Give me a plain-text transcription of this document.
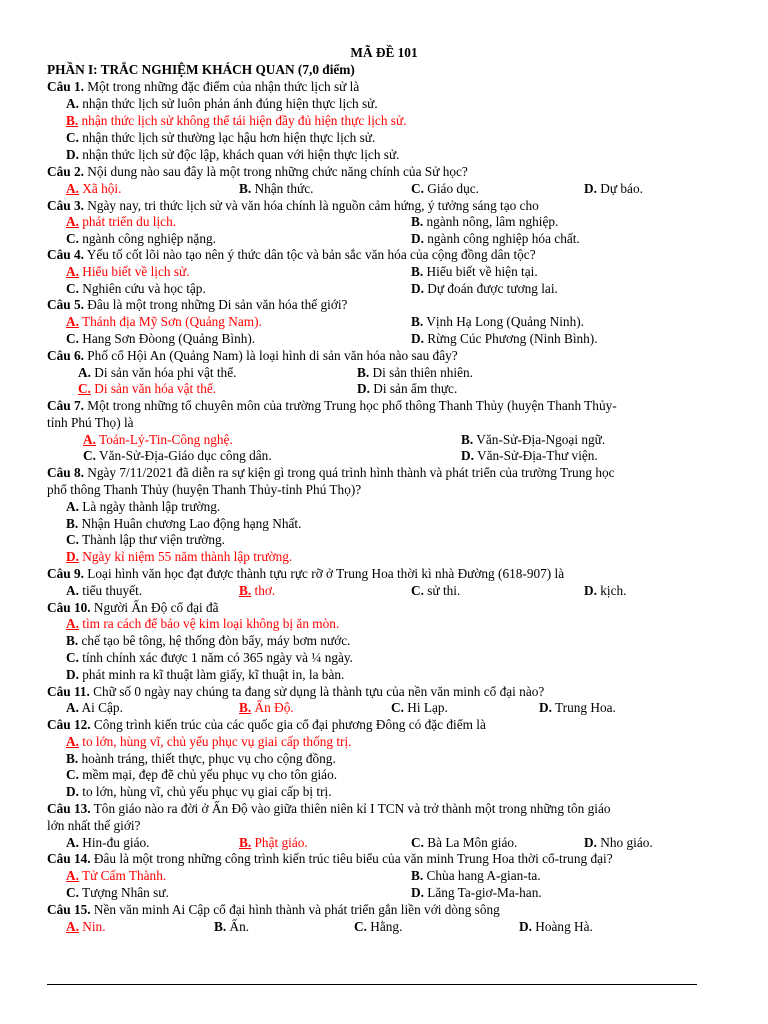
MÃ ĐỀ 101
PHẦN I: TRẮC NGHIỆM KHÁCH QUAN (7,0 điểm)
Câu 1. Một trong những đặc điểm của nhận thức lịch sử là
A. nhận thức lịch sử luôn phản ánh đúng hiện thực lịch sử.
B. nhận thức lịch sử không thể tái hiện đầy đủ hiện thực lịch sử.
C. nhận thức lịch sử thường lạc hậu hơn hiện thực lịch sử.
D. nhận thức lịch sử độc lập, khách quan với hiện thực lịch sử.
Câu 2. Nội dung nào sau đây là một trong những chức năng chính của Sử học?
A. Xã hội.	B. Nhận thức.	C. Giáo dục.	D. Dự báo.
Câu 3. Ngày nay, tri thức lịch sử và văn hóa chính là nguồn cảm hứng, ý tưởng sáng tạo cho
A. phát triển du lịch.	B. ngành nông, lâm nghiệp.
C. ngành công nghiệp nặng.	D. ngành công nghiệp hóa chất.
Câu 4. Yếu tố cốt lõi nào tạo nên ý thức dân tộc và bản sắc văn hóa của cộng đồng dân tộc?
A. Hiểu biết về lịch sử.	B. Hiểu biết về hiện tại.
C. Nghiên cứu và học tập.	D. Dự đoán được tương lai.
Câu 5. Đâu là một trong những Di sản văn hóa thế giới?
A. Thánh địa Mỹ Sơn (Quảng Nam).	B. Vịnh Hạ Long (Quảng Ninh).
C. Hang Sơn Đòong (Quảng Bình).	D. Rừng Cúc Phương (Ninh Bình).
Câu 6. Phố cổ Hội An (Quảng Nam) là loại hình di sản văn hóa nào sau đây?
A. Di sản văn hóa phi vật thể.	B. Di sản thiên nhiên.
C. Di sản văn hóa vật thể.	D. Di sản ẩm thực.
Câu 7. Một trong những tổ chuyên môn của trường Trung học phổ thông Thanh Thủy (huyện Thanh Thủy-
tỉnh Phú Thọ) là
A. Toán-Lý-Tin-Công nghệ.	B. Văn-Sử-Địa-Ngoại ngữ.
C. Văn-Sử-Địa-Giáo dục công dân.	D. Văn-Sử-Địa-Thư viện.
Câu 8. Ngày 7/11/2021 đã diễn ra sự kiện gì trong quá trình hình thành và phát triển của trường Trung học
phổ thông Thanh Thủy (huyện Thanh Thủy-tỉnh Phú Thọ)?
A. Là ngày thành lập trường.
B. Nhận Huân chương Lao động hạng Nhất.
C. Thành lập thư viện trường.
D. Ngày kỉ niệm 55 năm thành lập trường.
Câu 9. Loại hình văn học đạt được thành tựu rực rỡ ở Trung Hoa thời kì nhà Đường (618-907) là
A. tiểu thuyết.	B. thơ.	C. sử thi.	D. kịch.
Câu 10. Người Ấn Độ cổ đại đã
A. tìm ra cách để bảo vệ kim loại không bị ăn mòn.
B. chế tạo bê tông, hệ thống đòn bẩy, máy bơm nước.
C. tính chính xác được 1 năm có 365 ngày và ¼ ngày.
D. phát minh ra kĩ thuật làm giấy, kĩ thuật in, la bàn.
Câu 11. Chữ số 0 ngày nay chúng ta đang sử dụng là thành tựu của nền văn minh cổ đại nào?
A. Ai Cập.	B. Ấn Độ.	C. Hi Lạp.	D. Trung Hoa.
Câu 12. Công trình kiến trúc của các quốc gia cổ đại phương Đông có đặc điểm là
A. to lớn, hùng vĩ, chủ yếu phục vụ giai cấp thống trị.
B. hoành tráng, thiết thực, phục vụ cho cộng đồng.
C. mềm mại, đẹp đẽ chủ yếu phục vụ cho tôn giáo.
D. to lớn, hùng vĩ, chủ yếu phục vụ giai cấp bị trị.
Câu 13. Tôn giáo nào ra đời ở Ấn Độ vào giữa thiên niên kỉ I TCN và trở thành một trong những tôn giáo
lớn nhất thế giới?
A. Hin-đu giáo.	B. Phật giáo.	C. Bà La Môn giáo.	D. Nho giáo.
Câu 14. Đâu là một trong những công trình kiến trúc tiêu biểu của văn minh Trung Hoa thời cổ-trung đại?
A. Tử Cấm Thành.	B. Chùa hang A-gian-ta.
C. Tượng Nhân sư.	D. Lăng Ta-giơ-Ma-han.
Câu 15. Nền văn minh Ai Cập cổ đại hình thành và phát triển gắn liền với dòng sông
A. Nin.	B. Ấn.	C. Hằng.	D. Hoàng Hà.
